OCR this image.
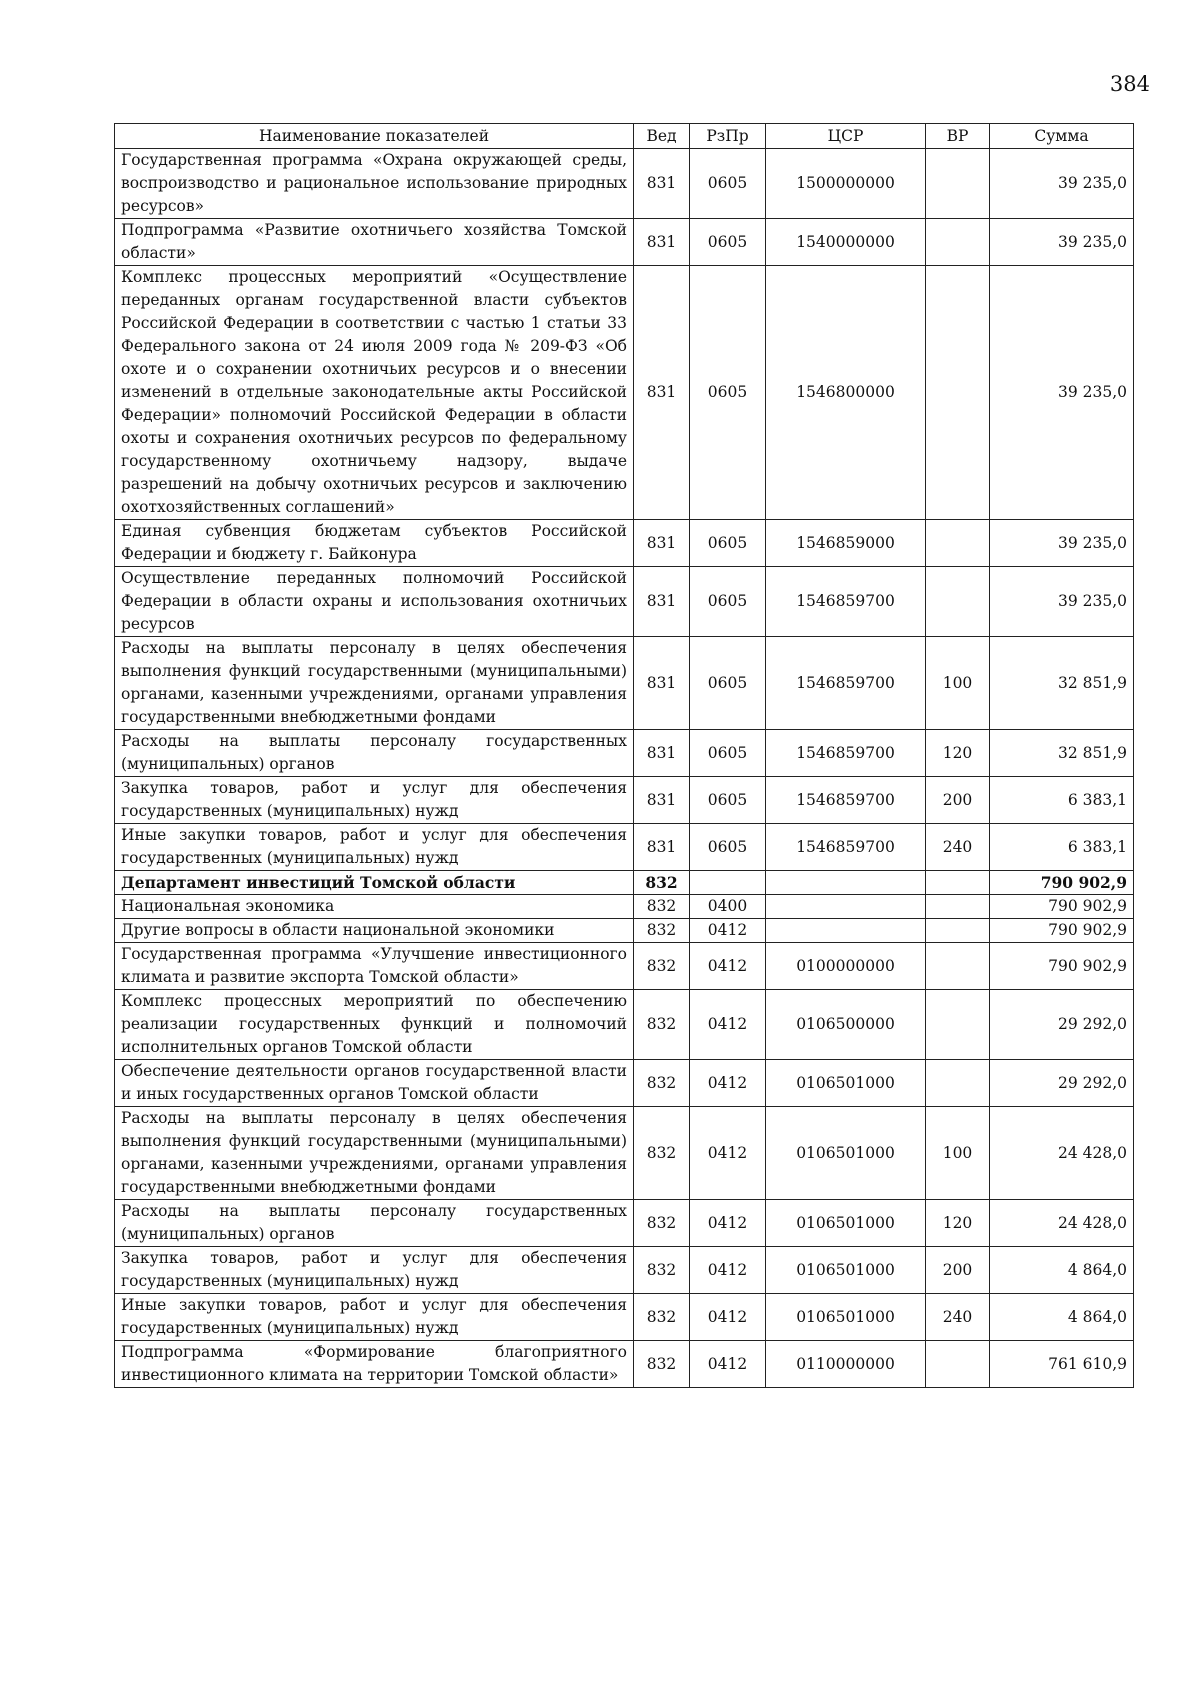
384
Наименование показателей	Вед	РзПр	ЦСР	ВР	Сумма
Государственная программа «Охрана окружающей среды, воспроизводство и рациональное использование природных ресурсов»	831	0605	1500000000		39 235,0
Подпрограмма «Развитие охотничьего хозяйства Томской области»	831	0605	1540000000		39 235,0
Комплекс процессных мероприятий «Осуществление переданных органам государственной власти субъектов Российской Федерации в соответствии с частью 1 статьи 33 Федерального закона от 24 июля 2009 года № 209-ФЗ «Об охоте и о сохранении охотничьих ресурсов и о внесении изменений в отдельные законодательные акты Российской Федерации» полномочий Российской Федерации в области охоты и сохранения охотничьих ресурсов по федеральному государственному охотничьему надзору, выдаче разрешений на добычу охотничьих ресурсов и заключению охотхозяйственных соглашений»	831	0605	1546800000		39 235,0
Единая субвенция бюджетам субъектов Российской Федерации и бюджету г. Байконура	831	0605	1546859000		39 235,0
Осуществление переданных полномочий Российской Федерации в области охраны и использования охотничьих ресурсов	831	0605	1546859700		39 235,0
Расходы на выплаты персоналу в целях обеспечения выполнения функций государственными (муниципальными) органами, казенными учреждениями, органами управления государственными внебюджетными фондами	831	0605	1546859700	100	32 851,9
Расходы на выплаты персоналу государственных (муниципальных) органов	831	0605	1546859700	120	32 851,9
Закупка товаров, работ и услуг для обеспечения государственных (муниципальных) нужд	831	0605	1546859700	200	6 383,1
Иные закупки товаров, работ и услуг для обеспечения государственных (муниципальных) нужд	831	0605	1546859700	240	6 383,1
Департамент инвестиций Томской области	832				790 902,9
Национальная экономика	832	0400			790 902,9
Другие вопросы в области национальной экономики	832	0412			790 902,9
Государственная программа «Улучшение инвестиционного климата и развитие экспорта Томской области»	832	0412	0100000000		790 902,9
Комплекс процессных мероприятий по обеспечению реализации государственных функций и полномочий исполнительных органов Томской области	832	0412	0106500000		29 292,0
Обеспечение деятельности органов государственной власти и иных государственных органов Томской области	832	0412	0106501000		29 292,0
Расходы на выплаты персоналу в целях обеспечения выполнения функций государственными (муниципальными) органами, казенными учреждениями, органами управления государственными внебюджетными фондами	832	0412	0106501000	100	24 428,0
Расходы на выплаты персоналу государственных (муниципальных) органов	832	0412	0106501000	120	24 428,0
Закупка товаров, работ и услуг для обеспечения государственных (муниципальных) нужд	832	0412	0106501000	200	4 864,0
Иные закупки товаров, работ и услуг для обеспечения государственных (муниципальных) нужд	832	0412	0106501000	240	4 864,0
Подпрограмма «Формирование благоприятного инвестиционного климата на территории Томской области»	832	0412	0110000000		761 610,9
